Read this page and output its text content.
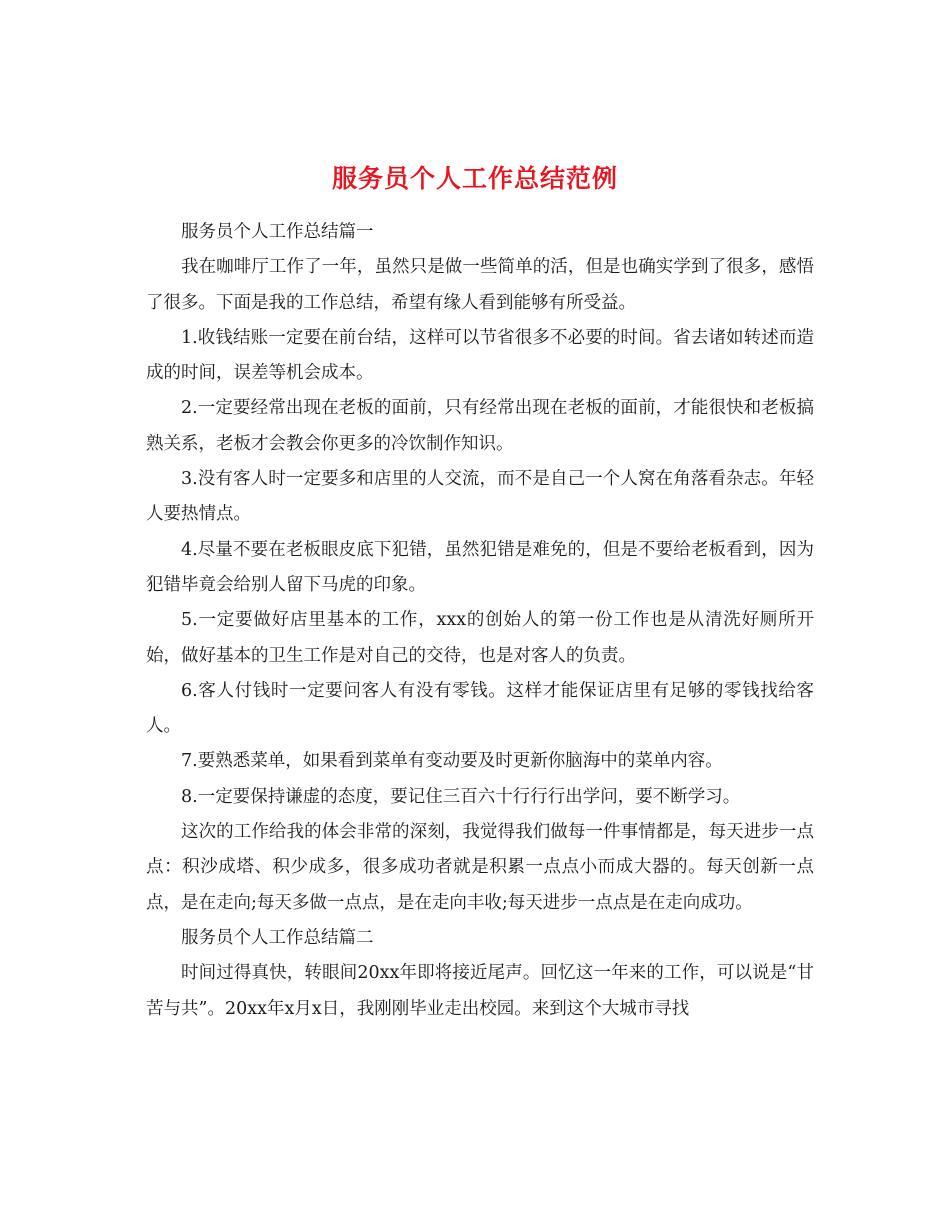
服务员个人工作总结范例

服务员个人工作总结篇一

我在咖啡厅工作了一年，虽然只是做一些简单的活，但是也确实学到了很多，感悟了很多。下面是我的工作总结，希望有缘人看到能够有所受益。

1.收钱结账一定要在前台结，这样可以节省很多不必要的时间。省去诸如转述而造成的时间，误差等机会成本。

2.一定要经常出现在老板的面前，只有经常出现在老板的面前，才能很快和老板搞熟关系，老板才会教会你更多的冷饮制作知识。

3.没有客人时一定要多和店里的人交流，而不是自己一个人窝在角落看杂志。年轻人要热情点。

4.尽量不要在老板眼皮底下犯错，虽然犯错是难免的，但是不要给老板看到，因为犯错毕竟会给别人留下马虎的印象。

5.一定要做好店里基本的工作，xxx的创始人的第一份工作也是从清洗好厕所开始，做好基本的卫生工作是对自己的交待，也是对客人的负责。

6.客人付钱时一定要问客人有没有零钱。这样才能保证店里有足够的零钱找给客人。

7.要熟悉菜单，如果看到菜单有变动要及时更新你脑海中的菜单内容。

8.一定要保持谦虚的态度，要记住三百六十行行行出学问，要不断学习。

这次的工作给我的体会非常的深刻，我觉得我们做每一件事情都是，每天进步一点点：积沙成塔、积少成多，很多成功者就是积累一点点小而成大器的。每天创新一点点，是在走向;每天多做一点点，是在走向丰收;每天进步一点点是在走向成功。

服务员个人工作总结篇二

时间过得真快，转眼间20xx年即将接近尾声。回忆这一年来的工作，可以说是“甘苦与共”。20xx年x月x日，我刚刚毕业走出校园。来到这个大城市寻找
